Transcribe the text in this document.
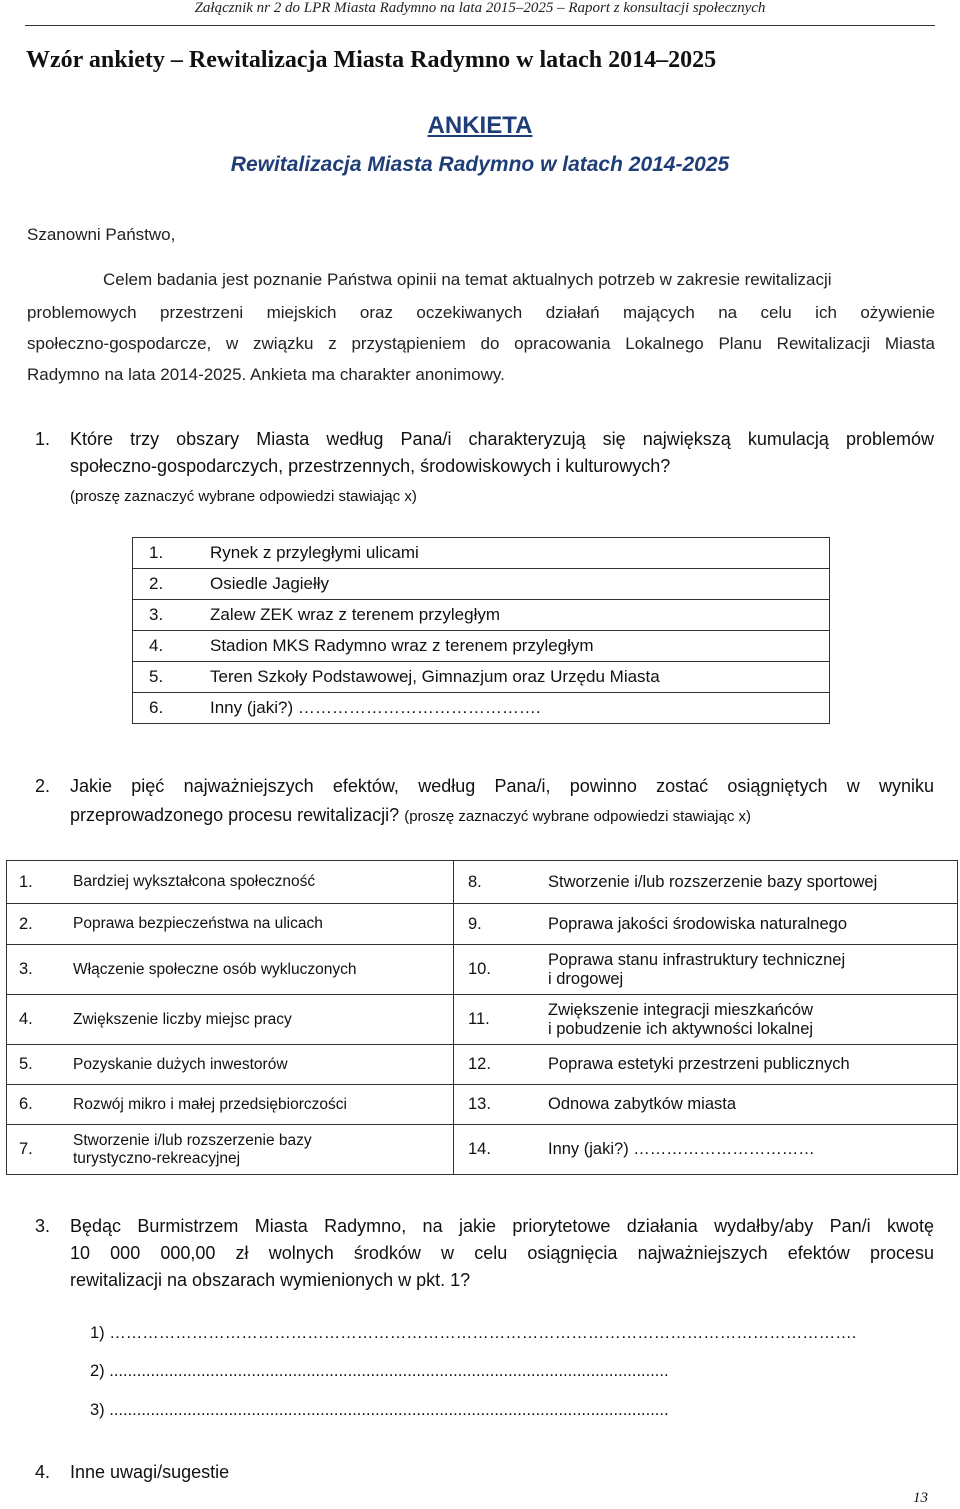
Załącznik nr 2 do LPR Miasta Radymno na lata 2015–2025 – Raport z konsultacji społecznych
Wzór ankiety – Rewitalizacja Miasta Radymno w latach 2014–2025
ANKIETA
Rewitalizacja Miasta Radymno w latach 2014-2025
Szanowni Państwo,
Celem badania jest poznanie Państwa opinii na temat aktualnych potrzeb w zakresie rewitalizacji
problemowych przestrzeni miejskich oraz oczekiwanych działań mających na celu ich ożywienie
społeczno-gospodarcze, w związku z przystąpieniem do opracowania Lokalnego Planu Rewitalizacji Miasta
Radymno na lata 2014-2025. Ankieta ma charakter anonimowy.
1. Które trzy obszary Miasta według Pana/i charakteryzują się największą kumulacją problemów
społeczno-gospodarczych, przestrzennych, środowiskowych i kulturowych?
(proszę zaznaczyć wybrane odpowiedzi stawiając x)
1.	Rynek z przyległymi ulicami
2.	Osiedle Jagiełły
3.	Zalew ZEK wraz z terenem przyległym
4.	Stadion MKS Radymno wraz z terenem przyległym
5.	Teren Szkoły Podstawowej, Gimnazjum oraz Urzędu Miasta
6.	Inny (jaki?) …………………………………….
2. Jakie pięć najważniejszych efektów, według Pana/i, powinno zostać osiągniętych w wyniku
przeprowadzonego procesu rewitalizacji? (proszę zaznaczyć wybrane odpowiedzi stawiając x)
1.	Bardziej wykształcona społeczność	8.	Stworzenie i/lub rozszerzenie bazy sportowej
2.	Poprawa bezpieczeństwa na ulicach	9.	Poprawa jakości środowiska naturalnego
3.	Włączenie społeczne osób wykluczonych	10.	Poprawa stanu infrastruktury technicznej
i drogowej
4.	Zwiększenie liczby miejsc pracy	11.	Zwiększenie integracji mieszkańców
i pobudzenie ich aktywności lokalnej
5.	Pozyskanie dużych inwestorów	12.	Poprawa estetyki przestrzeni publicznych
6.	Rozwój mikro i małej przedsiębiorczości	13.	Odnowa zabytków miasta
7.	Stworzenie i/lub rozszerzenie bazy
turystyczno-rekreacyjnej	14.	Inny (jaki?) ……………………………
3. Będąc Burmistrzem Miasta Radymno, na jakie priorytetowe działania wydałby/aby Pan/i kwotę
10 000 000,00 zł wolnych środków w celu osiągnięcia najważniejszych efektów procesu
rewitalizacji na obszarach wymienionych w pkt. 1?
1) ……………………………………………………………………………………………………………………….
2) ..........................................................................................................................
3) ..........................................................................................................................
4. Inne uwagi/sugestie
13
